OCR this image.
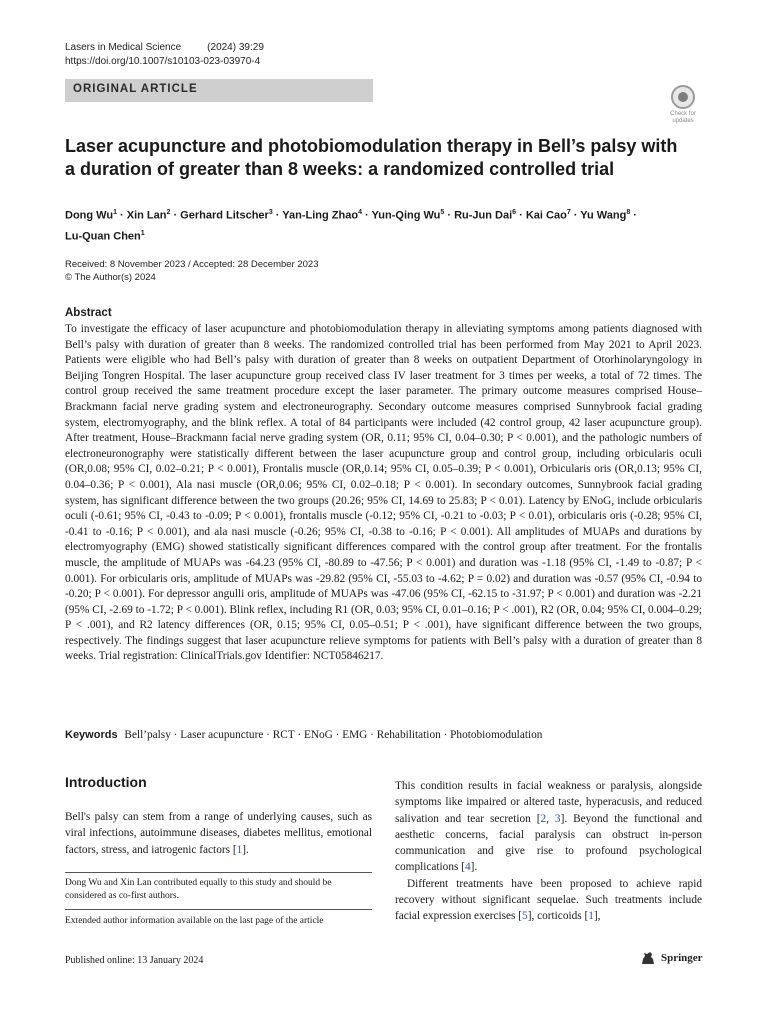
Lasers in Medical Science	(2024) 39:29
https://doi.org/10.1007/s10103-023-03970-4
ORIGINAL ARTICLE
Check for updates
Laser acupuncture and photobiomodulation therapy in Bell’s palsy with a duration of greater than 8 weeks: a randomized controlled trial
Dong $Wu^1$ · Xin Lan$^2$ · Gerhard Litscher$^3$ · Yan-Ling Zhao$^4$ · Yun-Qing $Wu^5 \cdot Ru-Jun$ Dai$^6$ · Kai Cao$^7$ · Yu Wang$^8$ ·
Lu-Quan Chen$^1$
Received: 8 November 2023 / Accepted: 28 December 2023
© The Author(s) 2024
Abstract

To investigate the efficacy of laser acupuncture and photobiomodulation therapy in alleviating symptoms among patients diagnosed with Bell’s palsy with duration of greater than 8 weeks. The randomized controlled trial has been performed from May 2021 to April 2023. Patients were eligible who had Bell’s palsy with duration of greater than 8 weeks on outpatient Department of Otorhinolaryngology in Beijing Tongren Hospital. The laser acupuncture group received class IV laser treatment for 3 times per weeks, a total of 72 times. The control group received the same treatment procedure except the laser parameter. The primary outcome measures comprised House–Brackmann facial nerve grading system and electroneurography. Secondary outcome measures comprised Sunnybrook facial grading system, electromyography, and the blink reflex. A total of 84 participants were included (42 control group, 42 laser acupuncture group). After treatment, House–Brackmann facial nerve grading system (OR, 0.11; 95% CI, 0.04–0.30; P < 0.001), and the pathologic numbers of electroneuronography were statistically different between the laser acupuncture group and control group, including orbicularis oculi (OR,0.08; 95% CI, 0.02–0.21; P < 0.001), Frontalis muscle (OR,0.14; 95% CI, 0.05–0.39; P < 0.001), Orbicularis oris (OR,0.13; 95% CI, 0.04–0.36; P < 0.001), Ala nasi muscle (OR,0.06; 95% CI, 0.02–0.18; P < 0.001). In secondary outcomes, Sunnybrook facial grading system, has significant difference between the two groups (20.26; 95% CI, 14.69 to 25.83; P < 0.01). Latency by ENoG, include orbicularis oculi (-0.61; 95% CI, -0.43 to -0.09; P < 0.001), frontalis muscle (-0.12; 95% CI, -0.21 to -0.03; P < 0.01), orbicularis oris (-0.28; 95% CI, -0.41 to -0.16; P < 0.001), and ala nasi muscle (-0.26; 95% CI, -0.38 to -0.16; P < 0.001). All amplitudes of MUAPs and durations by electromyography (EMG) showed statistically significant differences compared with the control group after treatment. For the frontalis muscle, the amplitude of MUAPs was -64.23 (95% CI, -80.89 to -47.56; P < 0.001) and duration was -1.18 (95% CI, -1.49 to -0.87; P < 0.001). For orbicularis oris, amplitude of MUAPs was -29.82 (95% CI, -55.03 to -4.62; P = 0.02) and duration was -0.57 (95% CI, -0.94 to -0.20; P < 0.001). For depressor angulli oris, amplitude of MUAPs was -47.06 (95% CI, -62.15 to -31.97; P < 0.001) and duration was -2.21 (95% CI, -2.69 to -1.72; P < 0.001). Blink reflex, including R1 (OR, 0.03; 95% CI, 0.01–0.16; P < .001), R2 (OR, 0.04; 95% CI, 0.004–0.29; P < .001), and R2 latency differences (OR, 0.15; 95% CI, 0.05–0.51; P < .001), have significant difference between the two groups, respectively. The findings suggest that laser acupuncture relieve symptoms for patients with Bell’s palsy with a duration of greater than 8 weeks. Trial registration: ClinicalTrials.gov Identifier: NCT05846217.

Keywords Bell’palsy · Laser acupuncture · RCT · ENoG · EMG · Rehabilitation · Photobiomodulation
Introduction

Bell's palsy can stem from a range of underlying causes, such as viral infections, autoimmune diseases, diabetes mellitus, emotional factors, stress, and iatrogenic factors [1].

Dong Wu and Xin Lan contributed equally to this study and should be considered as co-first authors.

Extended author information available on the last page of the article

This condition results in facial weakness or paralysis, alongside symptoms like impaired or altered taste, hyperacusis, and reduced salivation and tear secretion [2, 3]. Beyond the functional and aesthetic concerns, facial paralysis can obstruct in-person communication and give rise to profound psychological complications [4].

Different treatments have been proposed to achieve rapid recovery without significant sequelae. Such treatments include facial expression exercises [5], corticoids [1],

Published online: 13 January 2024	Springer
